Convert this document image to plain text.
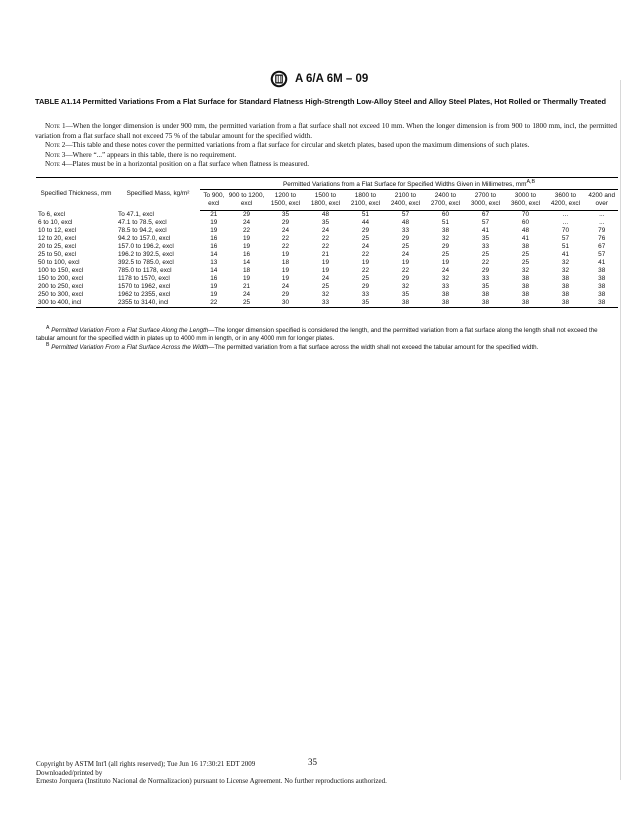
A 6/A 6M – 09
TABLE A1.14 Permitted Variations From a Flat Surface for Standard Flatness High-Strength Low-Alloy Steel and Alloy Steel Plates, Hot Rolled or Thermally Treated

Note 1—When the longer dimension is under 900 mm, the permitted variation from a flat surface shall not exceed 10 mm. When the longer dimension is from 900 to 1800 mm, incl, the permitted variation from a flat surface shall not exceed 75 % of the tabular amount for the specified width.

Note 2—This table and these notes cover the permitted variations from a flat surface for circular and sketch plates, based upon the maximum dimensions of such plates.

Note 3—Where “...” appears in this table, there is no requirement.

Note 4—Plates must be in a horizontal position on a flat surface when flatness is measured.

Specified Thickness, mm	Specified Mass, kg/m²	Permitted Variations from a Flat Surface for Specified Widths Given in Millimetres, $mm^{A,B}$
		To 900, excl	900 to 1200, excl	1200 to 1500, excl	1500 to 1800, excl	1800 to 2100, excl	2100 to 2400, excl	2400 to 2700, excl	2700 to 3000, excl	3000 to 3600, excl	3600 to 4200, excl	4200 and over
To 6, excl	To 47.1, excl	21	29	35	48	51	57	60	67	70	...	...
6 to 10, excl	47.1 to 78.5, excl	19	24	29	35	44	48	51	57	60	...	...
10 to 12, excl	78.5 to 94.2, excl	19	22	24	24	29	33	38	41	48	70	79
12 to 20, excl	94.2 to 157.0, excl	16	19	22	22	25	29	32	35	41	57	76
20 to 25, excl	157.0 to 196.2, excl	16	19	22	22	24	25	29	33	38	51	67
25 to 50, excl	196.2 to 392.5, excl	14	16	19	21	22	24	25	25	25	41	57
50 to 100, excl	392.5 to 785.0, excl	13	14	18	19	19	19	19	22	25	32	41
100 to 150, excl	785.0 to 1178, excl	14	18	19	19	22	22	24	29	32	32	38
150 to 200, excl	1178 to 1570, excl	16	19	19	24	25	29	32	33	38	38	38
200 to 250, excl	1570 to 1962, excl	19	21	24	25	29	32	33	35	38	38	38
250 to 300, excl	1962 to 2355, excl	19	24	29	32	33	35	38	38	38	38	38
300 to 400, incl	2355 to 3140, incl	22	25	30	33	35	38	38	38	38	38	38

$^A$ Permitted Variation From a Flat Surface Along the Length—The longer dimension specified is considered the length, and the permitted variation from a flat surface along the length shall not exceed the tabular amount for the specified width in plates up to 4000 mm in length, or in any 4000 mm for longer plates.

$^B$ Permitted Variation From a Flat Surface Across the Width—The permitted variation from a flat surface across the width shall not exceed the tabular amount for the specified width.

35
Copyright by ASTM Int'l (all rights reserved); Tue Jun 16 17:30:21 EDT 2009
Downloaded/printed by
Ernesto Jorquera (Instituto Nacional de Normalizacion) pursuant to License Agreement. No further reproductions authorized.
